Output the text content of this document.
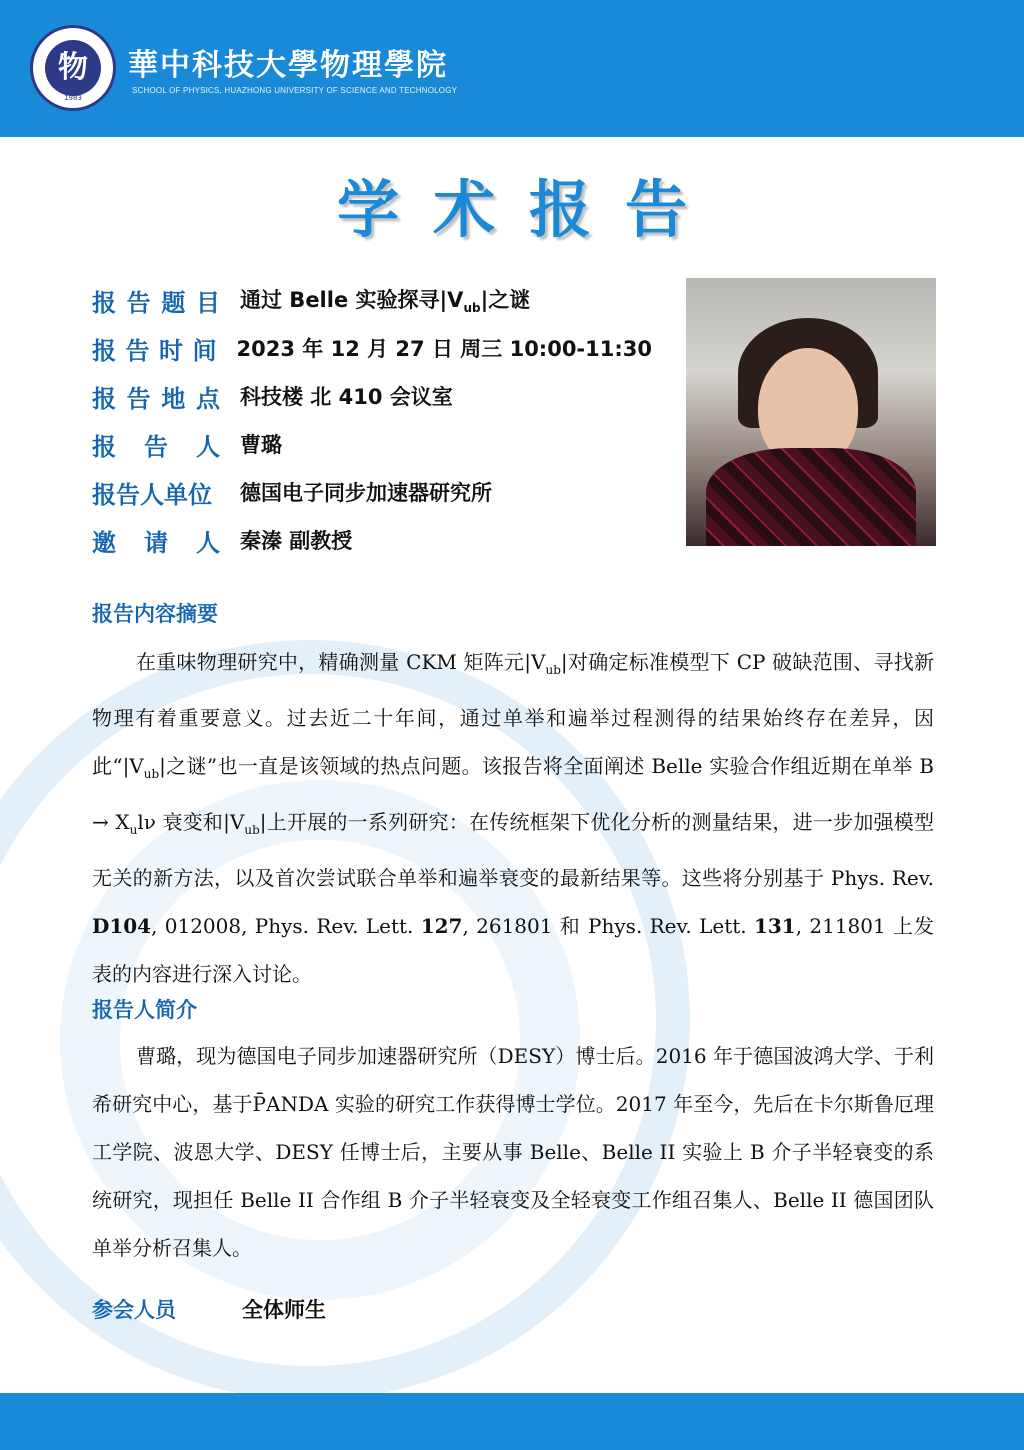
物
1983
華中科技大學物理學院
SCHOOL OF PHYSICS, HUAZHONG UNIVERSITY OF SCIENCE AND TECHNOLOGY
学术报告
报 告 题 目 通过 Belle 实验探寻$|V_{ub}|$之谜
报 告 时 间 2023 年 12 月 27 日 周三 10:00-11:30
报 告 地 点 科技楼 北 410 会议室
报 告 人 曹璐
报告人单位 德国电子同步加速器研究所
邀 请 人 秦溱 副教授
报告内容摘要
在重味物理研究中，精确测量 CKM 矩阵元$|V_{ub}|$对确定标准模型下 CP 破缺范围、寻找新物理有着重要意义。过去近二十年间，通过单举和遍举过程测得的结果始终存在差异，因此“$|V_{ub}|$之谜”也一直是该领域的热点问题。该报告将全面阐述 Belle 实验合作组近期在单举 $B \to X_ul\nu$ 衰变和$|V_{ub}|$上开展的一系列研究：在传统框架下优化分析的测量结果，进一步加强模型无关的新方法，以及首次尝试联合单举和遍举衰变的最新结果等。这些将分别基于 Phys. Rev. D104, 012008, Phys. Rev. Lett. 127, 261801 和 Phys. Rev. Lett. 131, 211801 上发表的内容进行深入讨论。
报告人简介
曹璐，现为德国电子同步加速器研究所（DESY）博士后。2016 年于德国波鸿大学、于利希研究中心，基于P̄ANDA 实验的研究工作获得博士学位。2017 年至今，先后在卡尔斯鲁厄理工学院、波恩大学、DESY 任博士后，主要从事 Belle、Belle II 实验上 B 介子半轻衰变的系统研究，现担任 Belle II 合作组 B 介子半轻衰变及全轻衰变工作组召集人、Belle II 德国团队单举分析召集人。
参会人员	全体师生
